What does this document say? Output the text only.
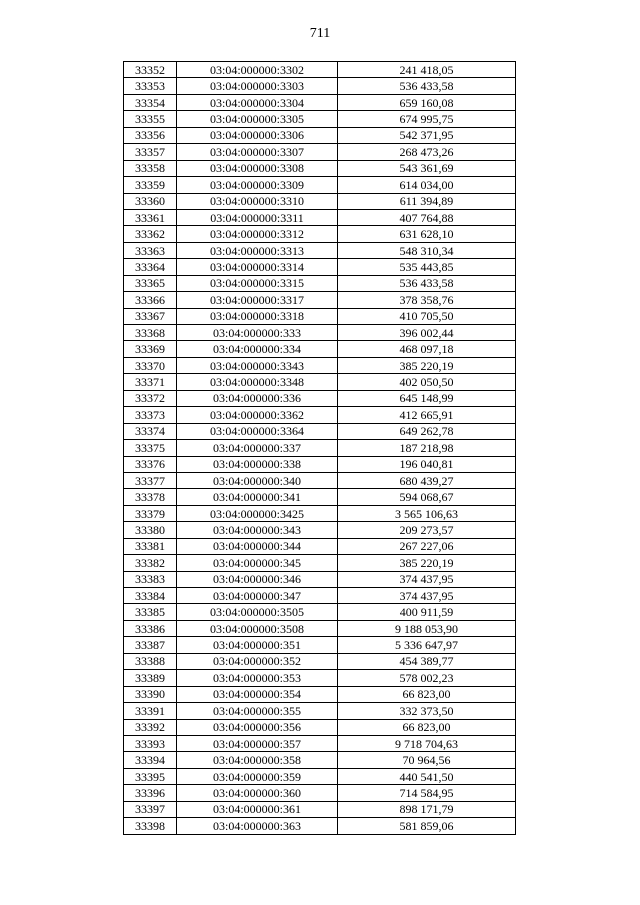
711
33352	03:04:000000:3302	241 418,05
33353	03:04:000000:3303	536 433,58
33354	03:04:000000:3304	659 160,08
33355	03:04:000000:3305	674 995,75
33356	03:04:000000:3306	542 371,95
33357	03:04:000000:3307	268 473,26
33358	03:04:000000:3308	543 361,69
33359	03:04:000000:3309	614 034,00
33360	03:04:000000:3310	611 394,89
33361	03:04:000000:3311	407 764,88
33362	03:04:000000:3312	631 628,10
33363	03:04:000000:3313	548 310,34
33364	03:04:000000:3314	535 443,85
33365	03:04:000000:3315	536 433,58
33366	03:04:000000:3317	378 358,76
33367	03:04:000000:3318	410 705,50
33368	03:04:000000:333	396 002,44
33369	03:04:000000:334	468 097,18
33370	03:04:000000:3343	385 220,19
33371	03:04:000000:3348	402 050,50
33372	03:04:000000:336	645 148,99
33373	03:04:000000:3362	412 665,91
33374	03:04:000000:3364	649 262,78
33375	03:04:000000:337	187 218,98
33376	03:04:000000:338	196 040,81
33377	03:04:000000:340	680 439,27
33378	03:04:000000:341	594 068,67
33379	03:04:000000:3425	3 565 106,63
33380	03:04:000000:343	209 273,57
33381	03:04:000000:344	267 227,06
33382	03:04:000000:345	385 220,19
33383	03:04:000000:346	374 437,95
33384	03:04:000000:347	374 437,95
33385	03:04:000000:3505	400 911,59
33386	03:04:000000:3508	9 188 053,90
33387	03:04:000000:351	5 336 647,97
33388	03:04:000000:352	454 389,77
33389	03:04:000000:353	578 002,23
33390	03:04:000000:354	66 823,00
33391	03:04:000000:355	332 373,50
33392	03:04:000000:356	66 823,00
33393	03:04:000000:357	9 718 704,63
33394	03:04:000000:358	70 964,56
33395	03:04:000000:359	440 541,50
33396	03:04:000000:360	714 584,95
33397	03:04:000000:361	898 171,79
33398	03:04:000000:363	581 859,06
